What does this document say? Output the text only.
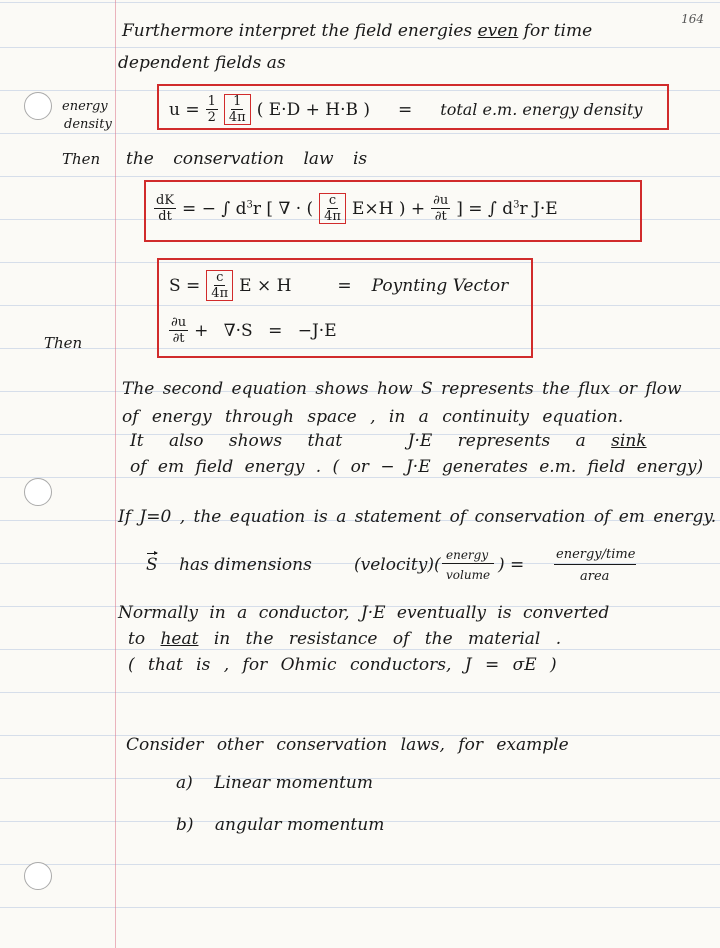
164
Furthermore interpret the field energies even for time
dependent fields as
energy
density
Then
$u = \frac{1}{2} \frac{1}{4\pi}$ ( E·D + H·B ) = total e.m. energy density
the conservation law is
$\frac{dK}{dt}$ = − ∫ $d^3r$ [ ∇ · ( $\frac{c}{4\pi} E\times H$ ) + $\frac{\partial u}{\partial t}$ ] = ∫ $d^3r$ J·E
$S = \frac{c}{4\pi}$ E × H	= Poynting Vector
$\frac{\partial u}{\partial t} + \nabla\cdot S = -J\cdot E$
Then
The second equation shows how S represents the flux or flow
of energy through space , in a continuity equation.
It also shows that	J·E represents a sink
of em field energy . ( or − J·E generates e.m. field energy)
If J=0 , the equation is a statement of conservation of em energy.
S has dimensions (velocity)( energy
volume ) =
energy/time
area
Normally in a conductor, J·E eventually is converted
to heat in the resistance of the material .
( that is , for Ohmic conductors, J = σE )
Consider other conservation laws, for example
a) Linear momentum
b) angular momentum
